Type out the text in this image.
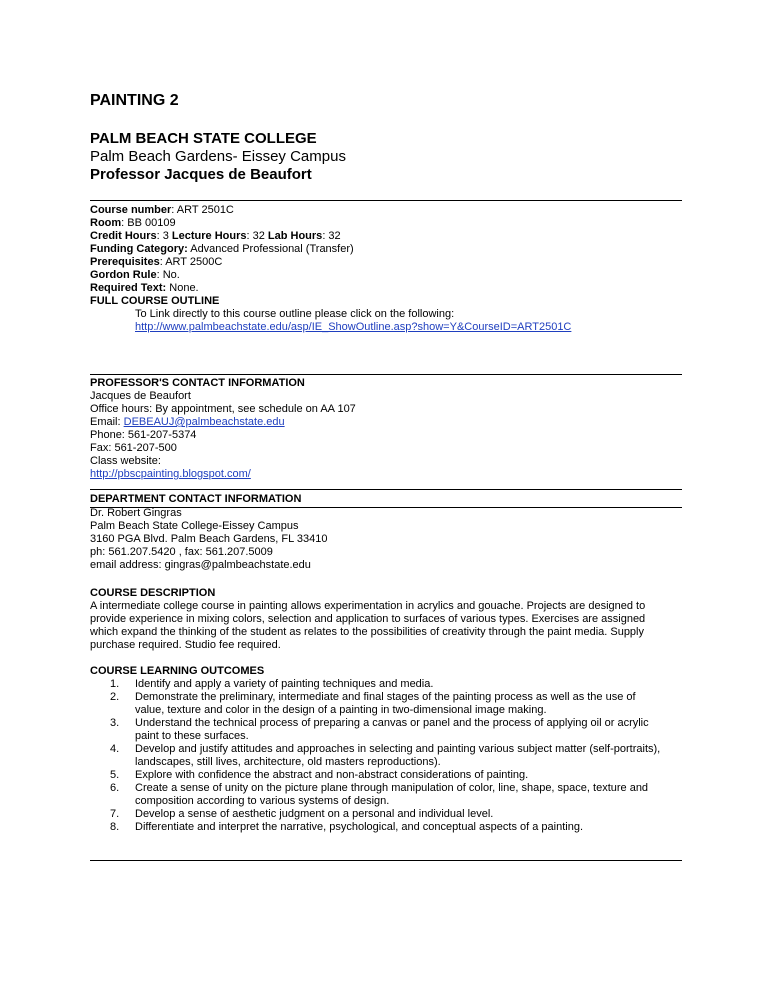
PAINTING 2
PALM BEACH STATE COLLEGE
Palm Beach Gardens- Eissey Campus
Professor Jacques de Beaufort
Course number: ART 2501C
Room: BB 00109
Credit Hours: 3 Lecture Hours: 32 Lab Hours: 32
Funding Category: Advanced Professional (Transfer)
Prerequisites: ART 2500C
Gordon Rule: No.
Required Text: None.
FULL COURSE OUTLINE
To Link directly to this course outline please click on the following:
http://www.palmbeachstate.edu/asp/IE_ShowOutline.asp?show=Y&CourseID=ART2501C
PROFESSOR'S CONTACT INFORMATION
Jacques de Beaufort
Office hours: By appointment, see schedule on AA 107
Email: DEBEAUJ@palmbeachstate.edu
Phone: 561-207-5374
Fax: 561-207-500
Class website:
http://pbscpainting.blogspot.com/
DEPARTMENT CONTACT INFORMATION
Dr. Robert Gingras
Palm Beach State College-Eissey Campus
3160 PGA Blvd. Palm Beach Gardens, FL 33410
ph: 561.207.5420 , fax: 561.207.5009
email address: gingras@palmbeachstate.edu
COURSE DESCRIPTION
A intermediate college course in painting allows experimentation in acrylics and gouache. Projects are designed to
provide experience in mixing colors, selection and application to surfaces of various types. Exercises are assigned
which expand the thinking of the student as relates to the possibilities of creativity through the paint media. Supply
purchase required. Studio fee required.
COURSE LEARNING OUTCOMES
1. Identify and apply a variety of painting techniques and media.
2. Demonstrate the preliminary, intermediate and final stages of the painting process as well as the use of
value, texture and color in the design of a painting in two-dimensional image making.
3. Understand the technical process of preparing a canvas or panel and the process of applying oil or acrylic
paint to these surfaces.
4. Develop and justify attitudes and approaches in selecting and painting various subject matter (self-portraits),
landscapes, still lives, architecture, old masters reproductions).
5. Explore with confidence the abstract and non-abstract considerations of painting.
6. Create a sense of unity on the picture plane through manipulation of color, line, shape, space, texture and
composition according to various systems of design.
7. Develop a sense of aesthetic judgment on a personal and individual level.
8. Differentiate and interpret the narrative, psychological, and conceptual aspects of a painting.
